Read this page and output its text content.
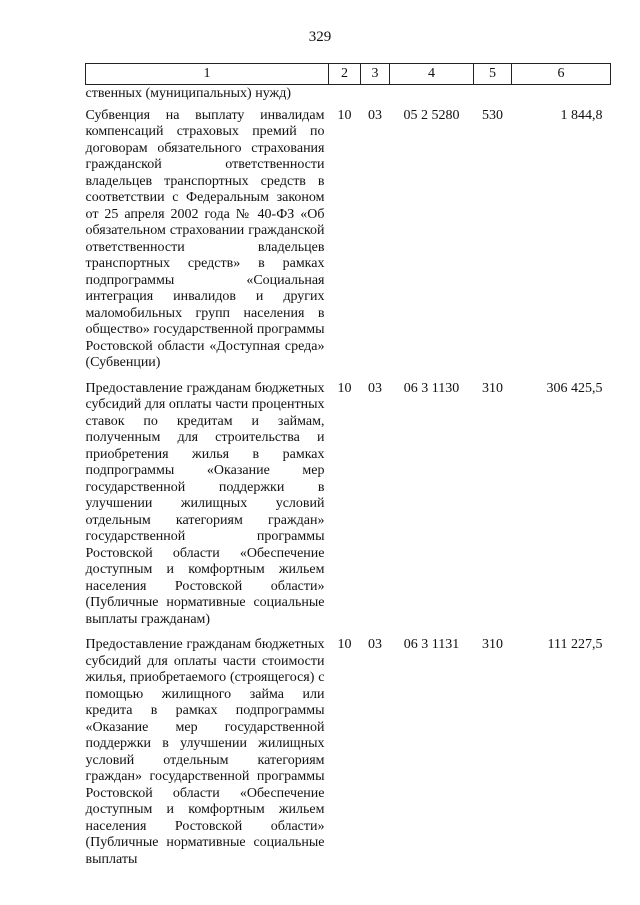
329
1	2	3	4	5	6
ственных (муниципальных) нужд)					
Субвенция на выплату инвалидам компенсаций страховых премий по договорам обязательного страхования гражданской ответственности владельцев транспортных средств в соответствии с Федеральным законом от 25 апреля 2002 года № 40-ФЗ «Об обязательном страховании гражданской ответственности владельцев транспортных средств» в рамках подпрограммы «Социальная интеграция инвалидов и других маломобильных групп населения в общество» государственной программы Ростовской области «Доступная среда» (Субвенции)	10	03	05 2 5280	530	1 844,8
Предоставление гражданам бюджетных субсидий для оплаты части процентных ставок по кредитам и займам, полученным для строительства и приобретения жилья в рамках подпрограммы «Оказание мер государственной поддержки в улучшении жилищных условий отдельным категориям граждан» государственной программы Ростовской области «Обеспечение доступным и комфортным жильем населения Ростовской области» (Публичные нормативные социальные выплаты гражданам)	10	03	06 3 1130	310	306 425,5
Предоставление гражданам бюджетных субсидий для оплаты части стоимости жилья, приобретаемого (строящегося) с помощью жилищного займа или кредита в рамках подпрограммы «Оказание мер государственной поддержки в улучшении жилищных условий отдельным категориям граждан» государственной программы Ростовской области «Обеспечение доступным и комфортным жильем населения Ростовской области» (Публичные нормативные социальные выплаты	10	03	06 3 1131	310	111 227,5
